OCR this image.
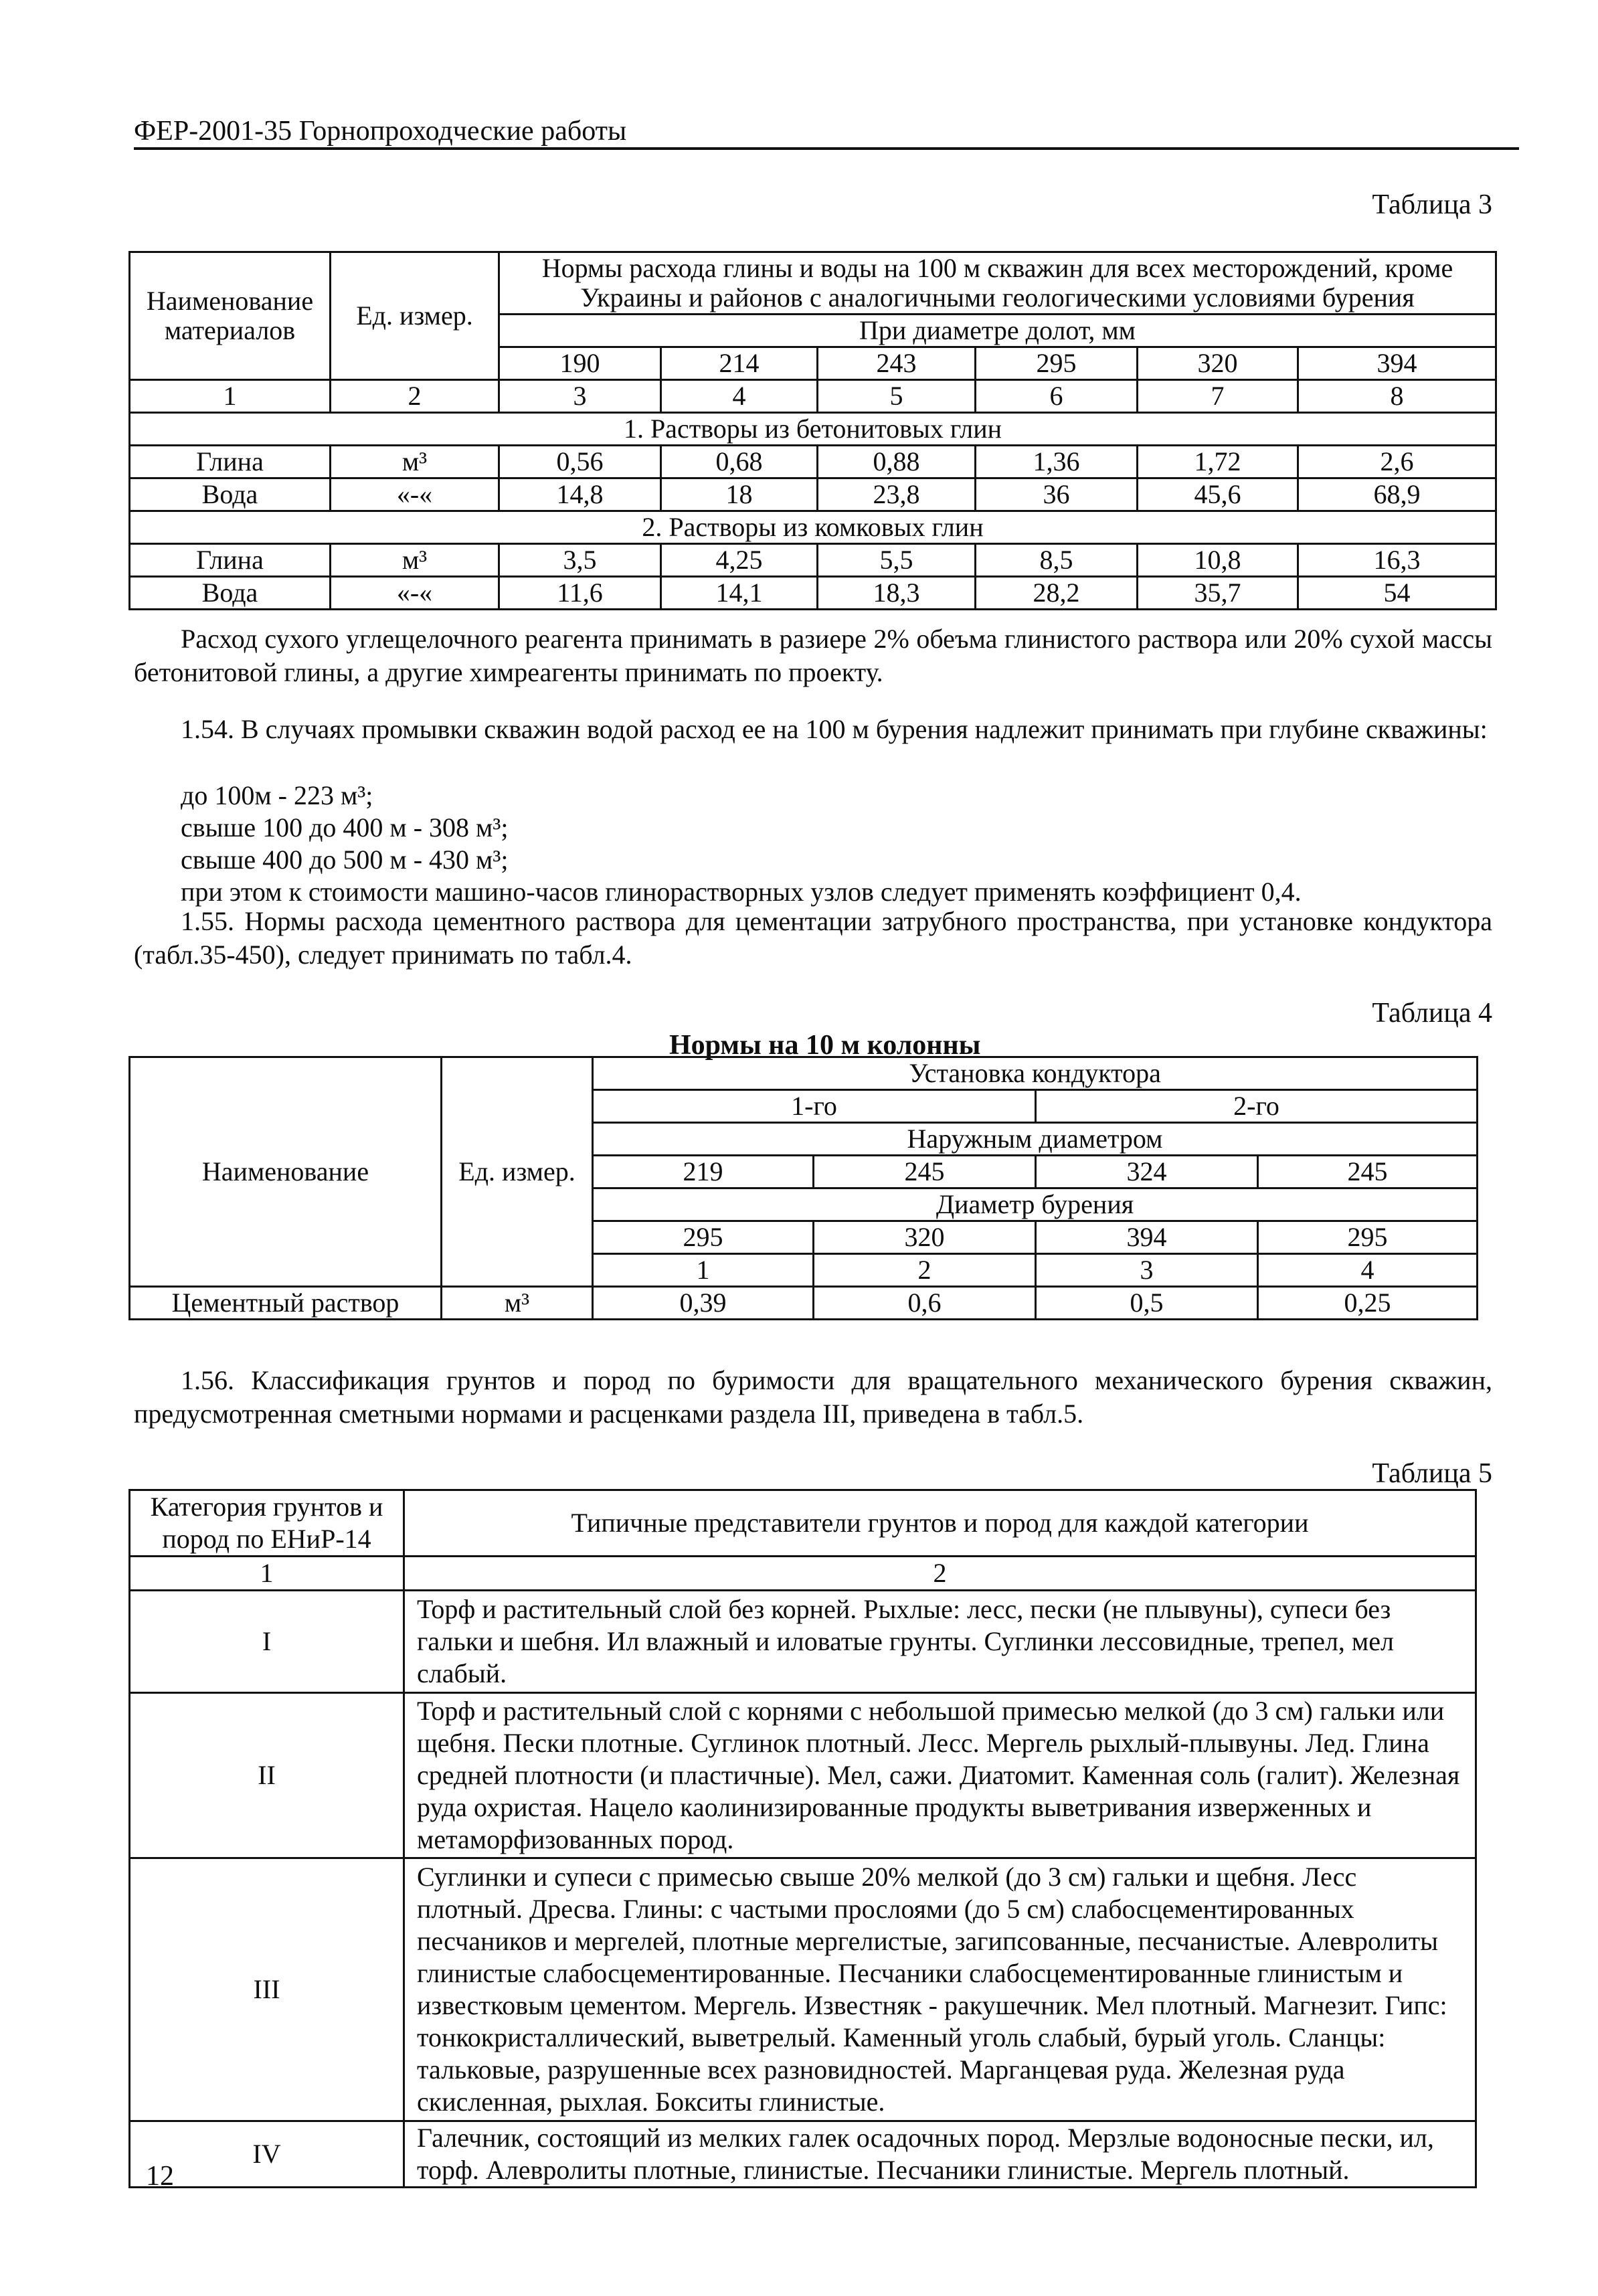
ФЕР-2001-35 Горнопроходческие работы
Таблица 3
Наименование материалов	Ед. измер.	Нормы расхода глины и воды на 100 м скважин для всех месторождений, кроме Украины и районов с аналогичными геологическими условиями бурения					
		При диаметре долот, мм					
		190	214	243	295	320	394
1	2	3	4	5	6	7	8
1. Растворы из бетонитовых глин							
Глина	м³	0,56	0,68	0,88	1,36	1,72	2,6
Вода	«-«	14,8	18	23,8	36	45,6	68,9
2. Растворы из комковых глин							
Глина	м³	3,5	4,25	5,5	8,5	10,8	16,3
Вода	«-«	11,6	14,1	18,3	28,2	35,7	54
Расход сухого углещелочного реагента принимать в разиере 2% обеъма глинистого раствора или 20% сухой массы бетонитовой глины, а другие химреагенты принимать по проекту.
1.54. В случаях промывки скважин водой расход ее на 100 м бурения надлежит принимать при глубине скважины:
до 100м - 223 м³;
свыше 100 до 400 м - 308 м³;
свыше 400 до 500 м - 430 м³;
при этом к стоимости машино-часов глинорастворных узлов следует применять коэффициент 0,4.
1.55. Нормы расхода цементного раствора для цементации затрубного пространства, при установке кондуктора (табл.35-450), следует принимать по табл.4.
Таблица 4
Нормы на 10 м колонны
Наименование	Ед. измер.	Установка кондуктора			
		1-го		2-го	
		Наружным диаметром			
		219	245	324	245
		Диаметр бурения			
		295	320	394	295
		1	2	3	4
Цементный раствор	м³	0,39	0,6	0,5	0,25
1.56. Классификация грунтов и пород по буримости для вращательного механического бурения скважин, предусмотренная сметными нормами и расценками раздела III, приведена в табл.5.
Таблица 5
Категория грунтов и пород по ЕНиР-14	Типичные представители грунтов и пород для каждой категории
1	2
I	Торф и растительный слой без корней. Рыхлые: лесс, пески (не плывуны), супеси без гальки и шебня. Ил влажный и иловатые грунты. Суглинки лессовидные, трепел, мел слабый.
II	Торф и растительный слой с корнями с небольшой примесью мелкой (до 3 см) гальки или щебня. Пески плотные. Суглинок плотный. Лесс. Мергель рыхлый-плывуны. Лед. Глина средней плотности (и пластичные). Мел, сажи. Диатомит. Каменная соль (галит). Железная руда охристая. Нацело каолинизированные продукты выветривания изверженных и метаморфизованных пород.
III	Суглинки и супеси с примесью свыше 20% мелкой (до 3 см) гальки и щебня. Лесс плотный. Дресва. Глины: с частыми прослоями (до 5 см) слабосцементированных песчаников и мергелей, плотные мергелистые, загипсованные, песчанистые. Алевролиты глинистые слабосцементированные. Песчаники слабосцементированные глинистым и известковым цементом. Мергель. Известняк - ракушечник. Мел плотный. Магнезит. Гипс: тонкокристаллический, выветрелый. Каменный уголь слабый, бурый уголь. Сланцы: тальковые, разрушенные всех разновидностей. Марганцевая руда. Железная руда скисленная, рыхлая. Бокситы глинистые.
IV	Галечник, состоящий из мелких галек осадочных пород. Мерзлые водоносные пески, ил, торф. Алевролиты плотные, глинистые. Песчаники глинистые. Мергель плотный.
12
